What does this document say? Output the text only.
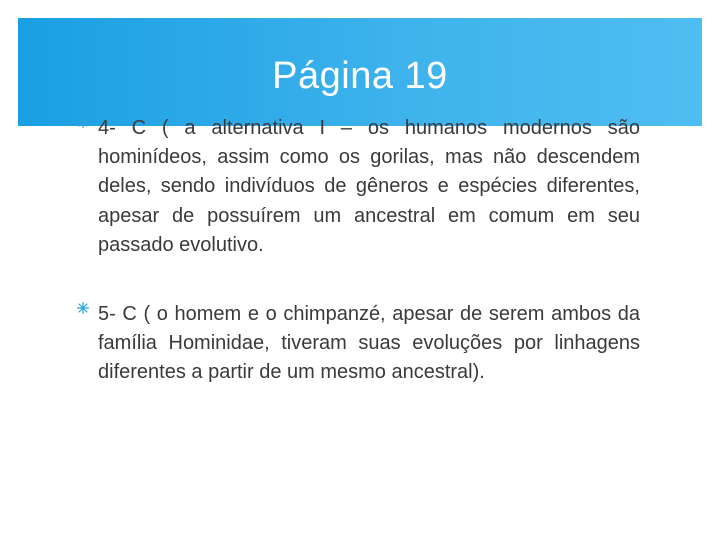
Página 19
4- C ( a alternativa I – os humanos modernos são hominídeos, assim como os gorilas, mas não descendem deles, sendo indivíduos de gêneros e espécies diferentes, apesar de possuírem um ancestral em comum em seu passado evolutivo.
5- C ( o homem e o chimpanzé, apesar de serem ambos da família Hominidae, tiveram suas evoluções por linhagens diferentes a partir de um mesmo ancestral).
